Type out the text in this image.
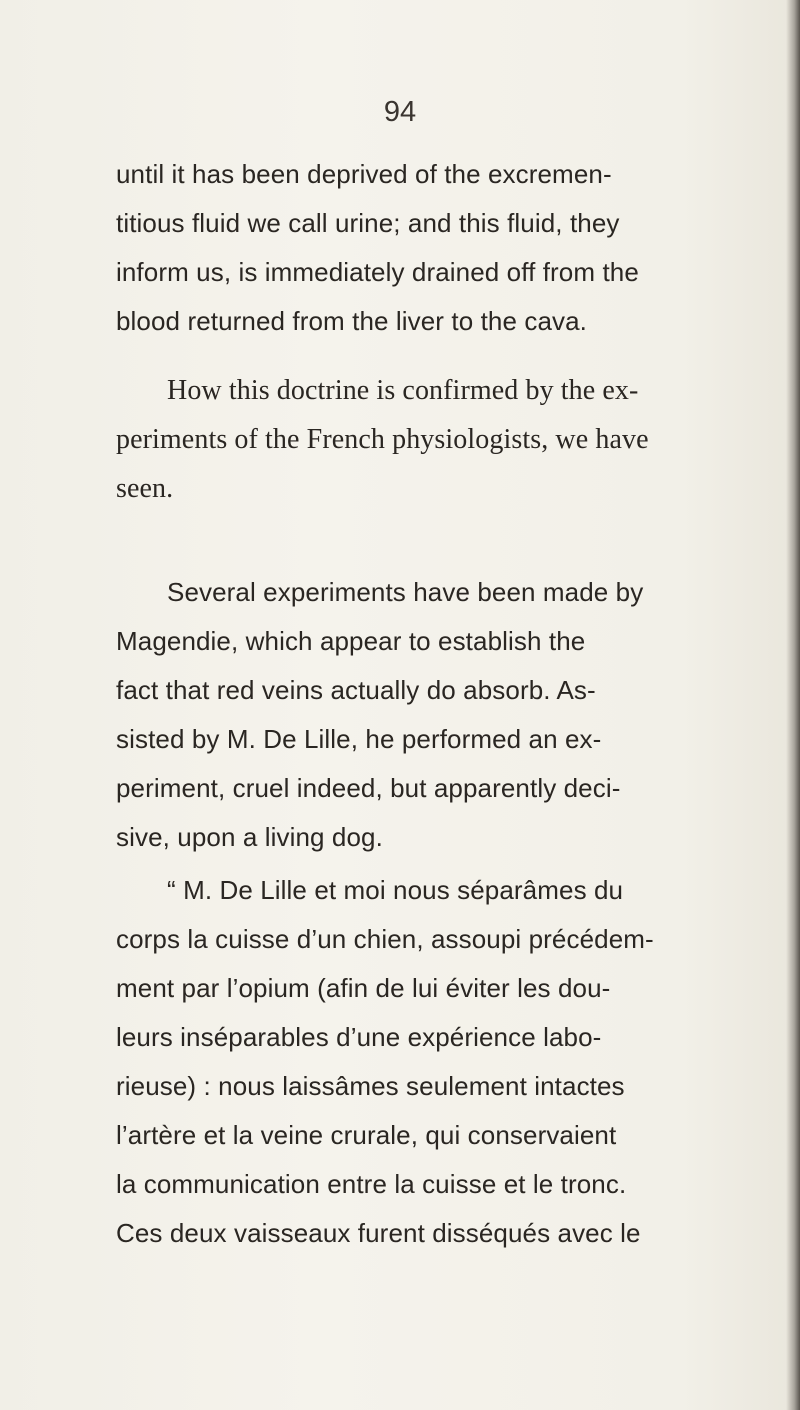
94
until it has been deprived of the excremen-
titious fluid we call urine; and this fluid, they
inform us, is immediately drained off from the
blood returned from the liver to the cava.
How this doctrine is confirmed by the ex-
periments of the French physiologists, we have
seen.
Several experiments have been made by
Magendie, which appear to establish the
fact that red veins actually do absorb. As-
sisted by M. De Lille, he performed an ex-
periment, cruel indeed, but apparently deci-
sive, upon a living dog.
“ M. De Lille et moi nous séparâmes du
corps la cuisse d’un chien, assoupi précédem-
ment par l’opium (afin de lui éviter les dou-
leurs inséparables d’une expérience labo-
rieuse) : nous laissâmes seulement intactes
l’artère et la veine crurale, qui conservaient
la communication entre la cuisse et le tronc.
Ces deux vaisseaux furent disséqués avec le
